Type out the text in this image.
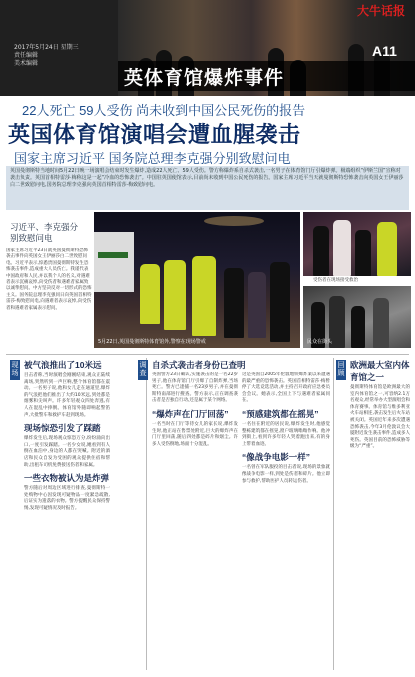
2017年5月24日 星期三
责任编辑
美术编辑
英体育馆爆炸事件
大牛话报
A11
22人死亡 59人受伤 尚未收到中国公民死伤的报告
英国体育馆演唱会遭血腥袭击
国家主席习近平 国务院总理李克强分别致慰问电
英国曼彻斯特当地时间5月22日晚一场演唱会结束时发生爆炸,造成22人死亡、59人受伤。警方称爆炸系自杀式袭击,一名男子在体育馆门厅引爆炸弹。极端组织“伊斯兰国”宣称对袭击负责。英国首相特雷莎·梅称这是一起“冷血的恐怖袭击”。中国驻英国使馆表示,目前尚未收到中国公民死伤的报告。国家主席习近平当天就曼彻斯特恐怖袭击向英国女王伊丽莎白二世致慰问电,国务院总理李克强向英国首相特雷莎·梅致慰问电。
习近平、李克强分别致慰问电
国家主席习近平23日就英国曼彻斯特恐怖袭击事件向英国女王伊丽莎白二世致慰问电。习近平表示,惊悉贵国曼彻斯特发生恐怖袭击事件,造成重大人员伤亡。我谨代表中国政府和人民,并以我个人的名义,对遇难者表示沉痛哀悼,向受伤者和遇难者家属致以诚挚慰问。中方坚决反对一切形式的恐怖主义。国务院总理李克强同日向英国首相特雷莎·梅致慰问电,向遇难者表示哀悼,向受伤者和遇难者家属表示慰问。
5月22日,英国曼彻斯特体育馆外,警察在现场警戒
受伤者在现场接受救治
民众在街头
现场
被气浪推出了10米远
目击者称,当时演唱会刚刚结束,观众正陆续离场,突然听到一声巨响,整个体育馆都在震动。一名男子说,他和女儿走在通道里,爆炸的气浪把他们推出了大约10米远,到处都是烟雾和尖叫声。许多年轻观众四处奔逃,有人在混乱中摔倒。体育馆外随即响起警笛声,大批警车和救护车赶到现场。
现场惊恐引发了踩踏
爆炸发生后,现场观众惊恐万分,纷纷涌向出口,一度引发踩踏。一名少女说,她看到有人倒在血泊中,身边的人都在哭喊。附近的酒店和民众自发为受困的观众提供住宿和帮助,出租车司机免费接送伤者和家属。
一些衣物被认为是炸弹
警方随后对周边区域进行排查,曼彻斯特一处购物中心因发现可疑物品一度紧急疏散,后证实为遗落的衣物。警方提醒民众保持警惕,发现可疑情况及时报告。
调查
自杀式袭击者身份已查明
英国警方23日确认,实施袭击的是一名22岁男子,他在体育馆门厅引爆了自制炸弹,当场死亡。警方已逮捕一名23岁男子,并在曼彻斯特南部进行搜查。警方表示,正在调查袭击者是否独自行动,还是属于某个网络。
“爆炸声在门厅回荡”
一名当时在门厅等待女儿的家长说,爆炸发生时,他正站在售票处附近,巨大的爆炸声在门厅里回荡,随后四处都是碎片和烟尘。许多人受伤倒地,场面十分混乱。
这是英国自2005年伦敦地铁爆炸案以来遭遇的最严重的恐怖袭击。英国首相特雷莎·梅暂停了大选竞选活动,并主持召开政府应急委员会会议。她表示,全国上下与遇难者家属同在。
“预感建筑都在摇晃”
一名住在附近的居民说,爆炸发生时,他感觉整栋建筑都在摇晃,窗户玻璃嗡嗡作响。他冲到街上,看到许多年轻人哭着跑出来,有的身上带着血迹。
“像战争电影一样”
一名曾在军队服役的目击者说,现场的景象就像战争电影一样,到处是伤者和碎片。他立即参与救护,帮助医护人员转运伤者。
回顾
欧洲最大室内体育馆之一
曼彻斯特体育馆是欧洲最大的室内体育馆之一,可容纳2.1万名观众,经常举办大型演唱会和体育赛事。体育馆与维多利亚火车站相连,袭击发生后火车站被关闭。英国近年来多次遭遇恐怖袭击,今年3月伦敦议会大厦附近发生袭击事件,造成多人死伤。英国目前的恐怖威胁等级为“严重”。
